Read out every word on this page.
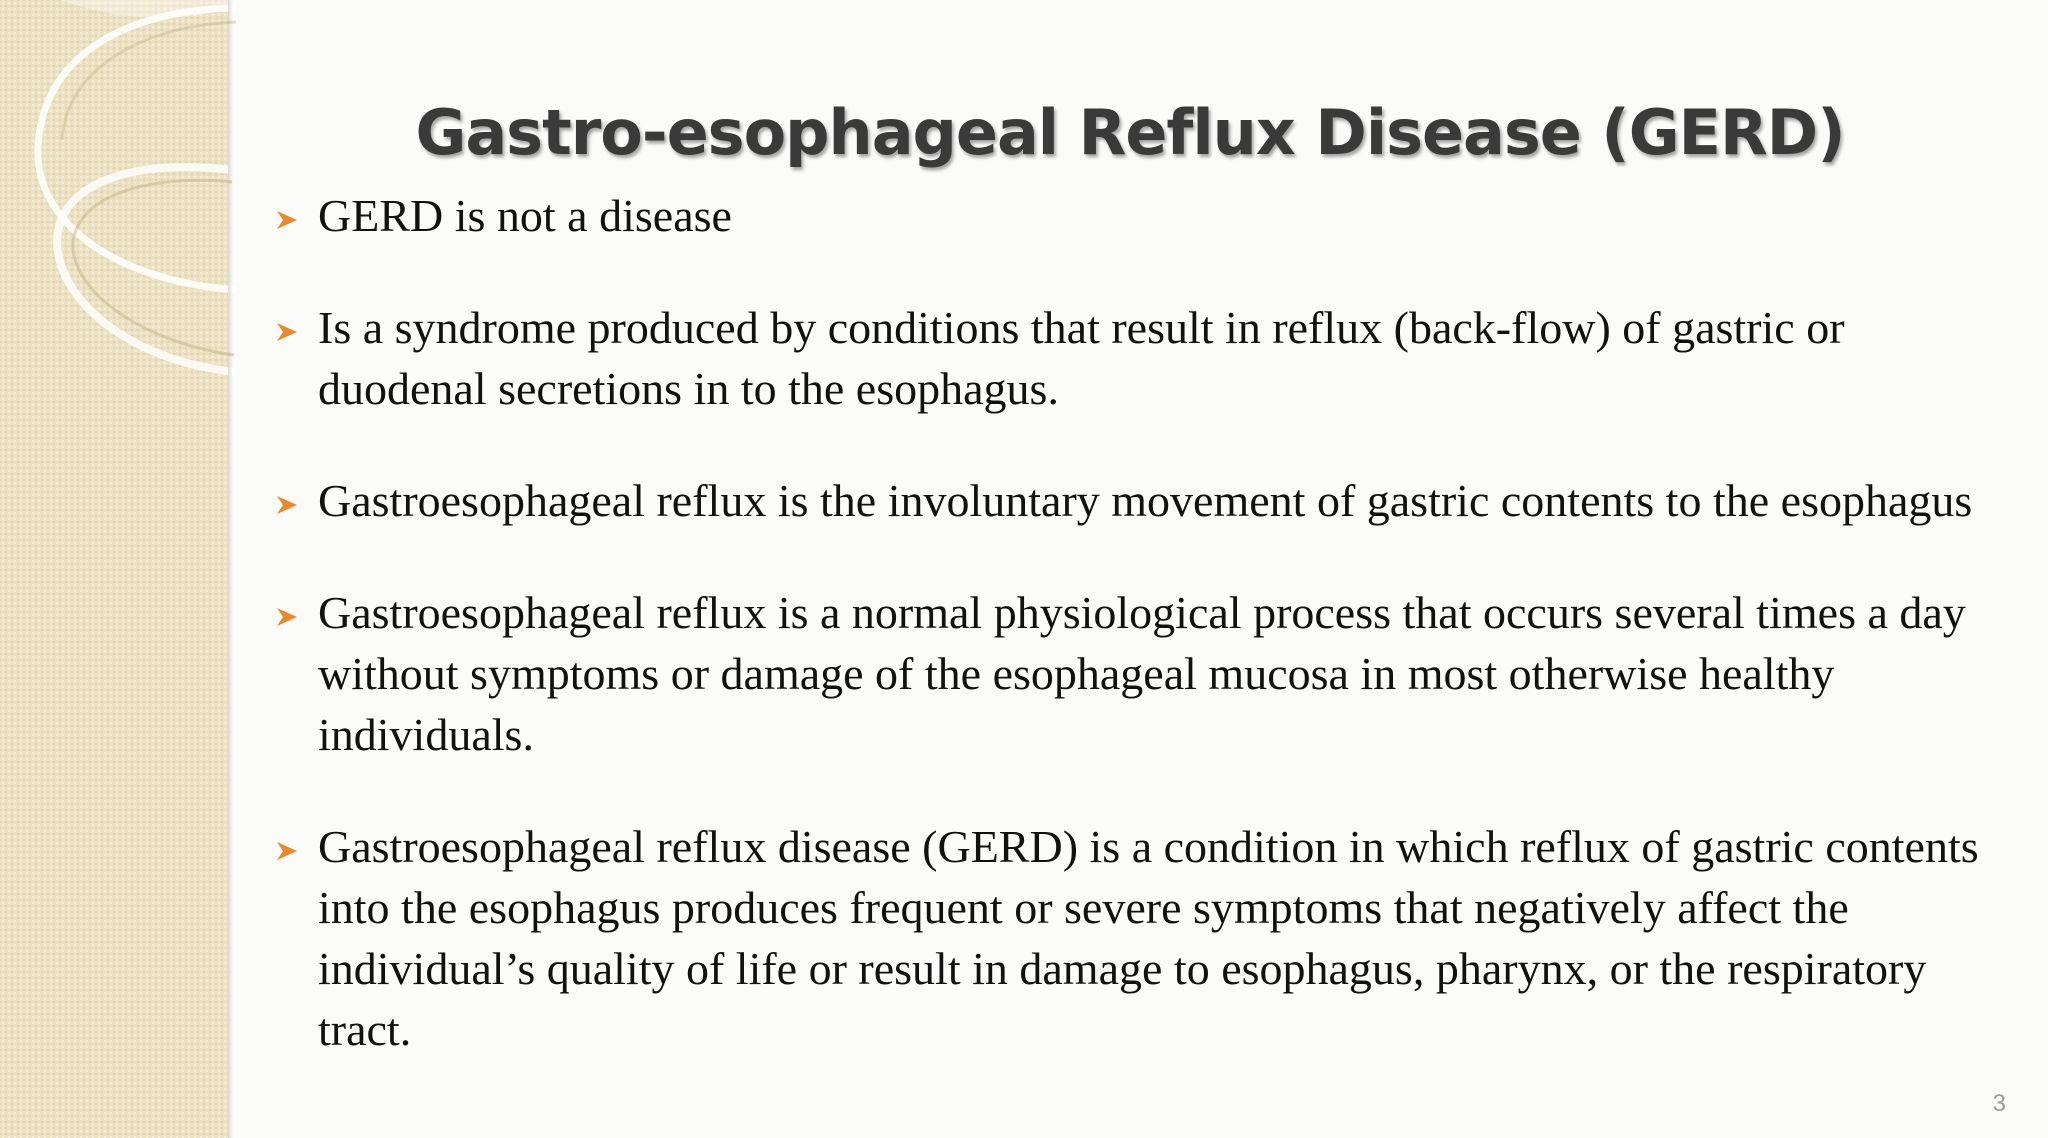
Gastro-esophageal Reflux Disease (GERD)
GERD is not a disease
Is a syndrome produced by conditions that result in reflux (back-flow) of gastric or duodenal secretions in to the esophagus.
Gastroesophageal reflux is the involuntary movement of gastric contents to the esophagus
Gastroesophageal reflux is a normal physiological process that occurs several times a day without symptoms or damage of the esophageal mucosa in most otherwise healthy individuals.
Gastroesophageal reflux disease (GERD) is a condition in which reflux of gastric contents into the esophagus produces frequent or severe symptoms that negatively affect the individual’s quality of life or result in damage to esophagus, pharynx, or the respiratory tract.
3
